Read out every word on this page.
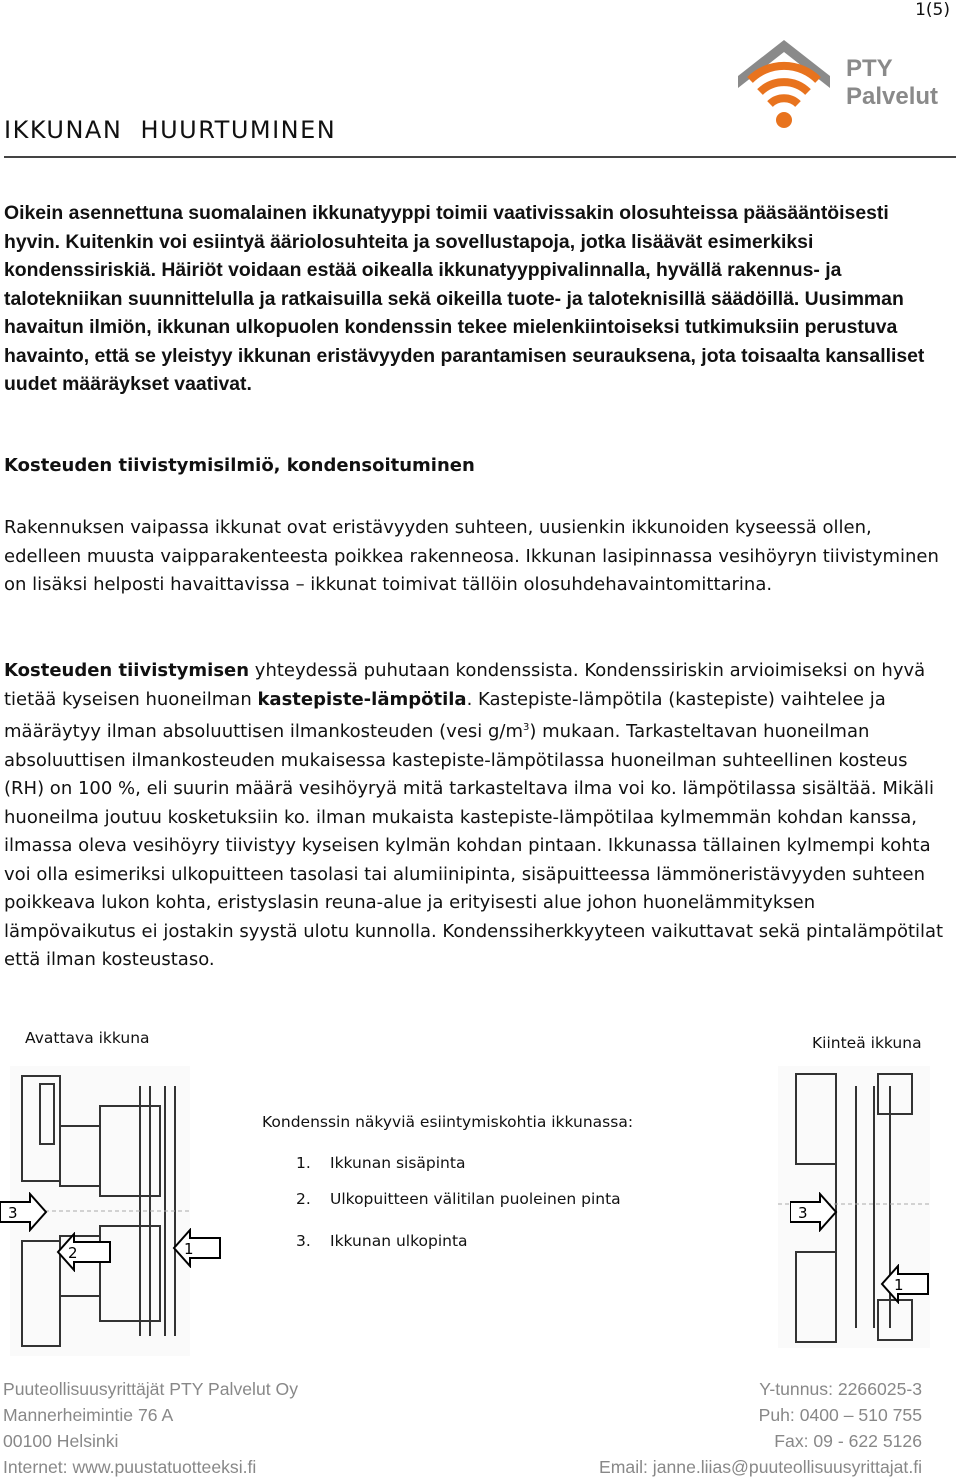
1(5)
PTY
Palvelut
IKKUNAN  HUURTUMINEN
Oikein asennettuna suomalainen ikkunatyyppi toimii vaativissakin olosuhteissa pääsääntöisesti hyvin. Kuitenkin voi esiintyä ääriolosuhteita ja sovellustapoja, jotka lisäävät esimerkiksi kondenssiriskiä. Häiriöt voidaan estää oikealla ikkunatyyppivalinnalla, hyvällä rakennus- ja talotekniikan suunnittelulla ja ratkaisuilla sekä oikeilla tuote- ja taloteknisillä säädöillä. Uusimman havaitun ilmiön, ikkunan ulkopuolen kondenssin tekee mielenkiintoiseksi tutkimuksiin perustuva havainto, että se yleistyy ikkunan eristävyyden parantamisen seurauksena, jota toisaalta kansalliset uudet määräykset vaativat.
Kosteuden tiivistymisilmiö, kondensoituminen
Rakennuksen vaipassa ikkunat ovat eristävyyden suhteen, uusienkin ikkunoiden kyseessä ollen, edelleen muusta vaipparakenteesta poikkea rakenneosa. Ikkunan lasipinnassa vesihöyryn tiivistyminen on lisäksi helposti havaittavissa – ikkunat toimivat tällöin olosuhdehavaintomittarina.
Kosteuden tiivistymisen yhteydessä puhutaan kondenssista. Kondenssiriskin arvioimiseksi on hyvä tietää kyseisen huoneilman kastepiste-lämpötila. Kastepiste-lämpötila (kastepiste) vaihtelee ja määräytyy ilman absoluuttisen ilmankosteuden (vesi $g/m^3$) mukaan. Tarkasteltavan huoneilman absoluuttisen ilmankosteuden mukaisessa kastepiste-lämpötilassa huoneilman suhteellinen kosteus (RH) on 100 %, eli suurin määrä vesihöyryä mitä tarkasteltava ilma voi ko. lämpötilassa sisältää. Mikäli huoneilma joutuu kosketuksiin ko. ilman mukaista kastepiste-lämpötilaa kylmemmän kohdan kanssa, ilmassa oleva vesihöyry tiivistyy kyseisen kylmän kohdan pintaan. Ikkunassa tällainen kylmempi kohta voi olla esimeriksi ulkopuitteen tasolasi tai alumiinipinta, sisäpuitteessa lämmöneristävyyden suhteen poikkeava lukon kohta, eristyslasin reuna-alue ja erityisesti alue johon huonelämmityksen lämpövaikutus ei jostakin syystä ulotu kunnolla. Kondenssiherkkyyteen vaikuttavat sekä pintalämpötilat että ilman kosteustaso.
Avattava ikkuna	Kiinteä ikkuna
3
2	1
3
1
Kondenssin näkyviä esiintymiskohtia ikkunassa:
1. Ikkunan sisäpinta
2. Ulkopuitteen välitilan puoleinen pinta
3. Ikkunan ulkopinta
Puuteollisuusyrittäjät PTY Palvelut Oy	Y-tunnus: 2266025-3
Mannerheimintie 76 A	Puh: 0400 – 510 755
00100 Helsinki	Fax: 09 - 622 5126
Internet: www.puustatuotteeksi.fi	Email: janne.liias@puuteollisuusyrittajat.fi
